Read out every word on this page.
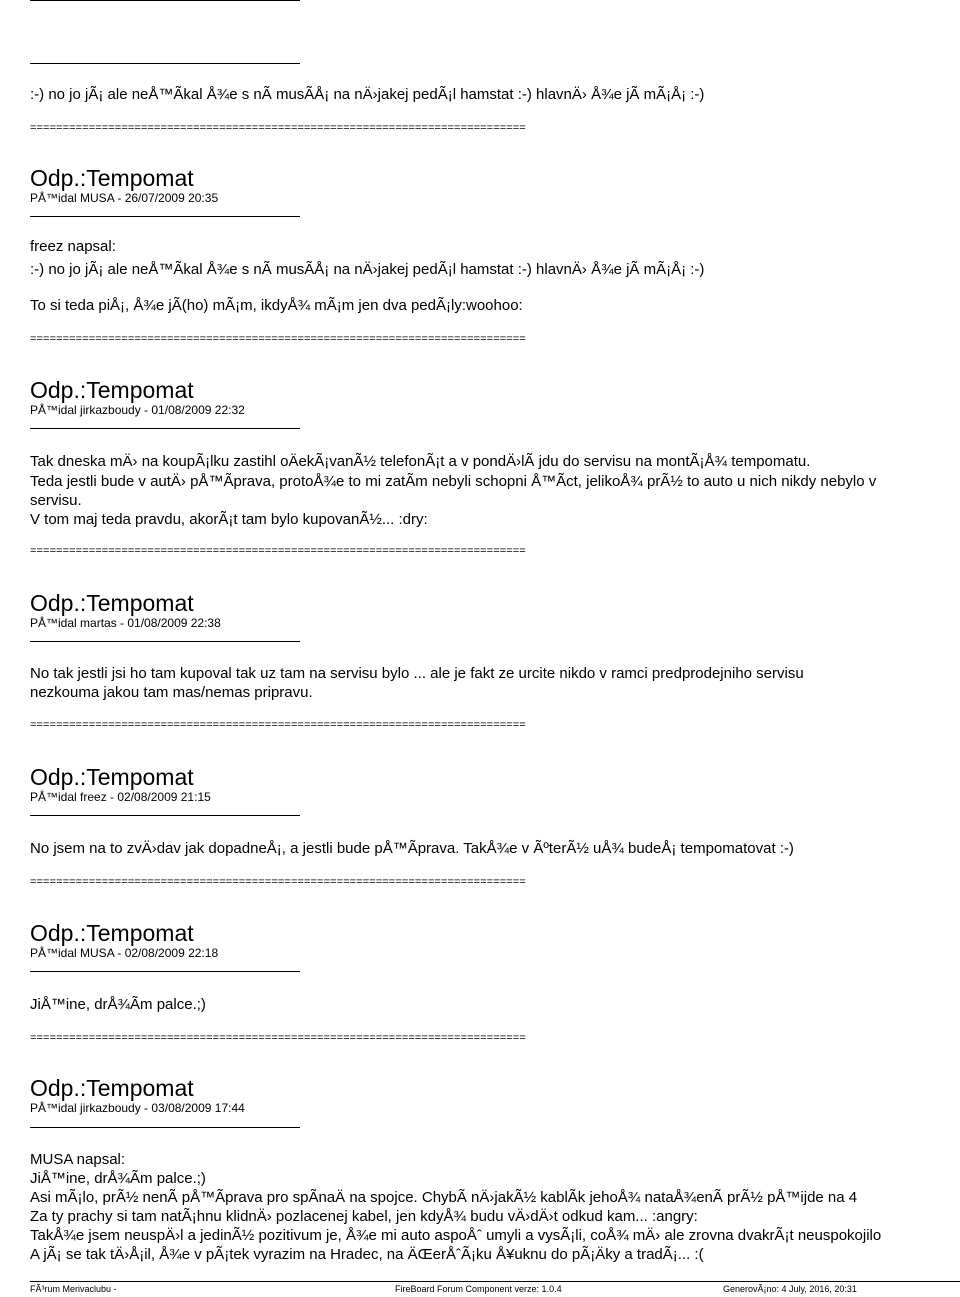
:-) no jo jÃ¡ ale neÅ™Ãkal Å¾e s nÃ musÃÅ¡ na nÄ›jakej pedÃ¡l hamstat :-) hlavnÄ› Å¾e jÃ mÃ¡Å¡ :-)
============================================================================
Odp.:Tempomat
PÅ™idal MUSA - 26/07/2009 20:35
freez napsal:
:-) no jo jÃ¡ ale neÅ™Ãkal Å¾e s nÃ musÃÅ¡ na nÄ›jakej pedÃ¡l hamstat :-) hlavnÄ› Å¾e jÃ mÃ¡Å¡ :-)
To si teda piÅ¡, Å¾e jÃ(ho) mÃ¡m, ikdyÅ¾ mÃ¡m jen dva pedÃ¡ly:woohoo:
============================================================================
Odp.:Tempomat
PÅ™idal jirkazboudy - 01/08/2009 22:32
Tak dneska mÄ› na koupÃ¡lku zastihl oÄekÃ¡vanÃ½ telefonÃ¡t a v pondÄ›lÃ jdu do servisu na montÃ¡Å¾ tempomatu.
Teda jestli bude v autÄ› pÅ™Ãprava, protoÅ¾e to mi zatÃm nebyli schopni Å™Ãct, jelikoÅ¾ prÃ½ to auto u nich nikdy nebylo v
servisu.
V tom maj teda pravdu, akorÃ¡t tam bylo kupovanÃ½... :dry:
============================================================================
Odp.:Tempomat
PÅ™idal martas - 01/08/2009 22:38
No tak jestli jsi ho tam kupoval tak uz tam na servisu bylo ... ale je fakt ze urcite nikdo v ramci predprodejniho servisu
nezkouma jakou tam mas/nemas pripravu.
============================================================================
Odp.:Tempomat
PÅ™idal freez - 02/08/2009 21:15
No jsem na to zvÄ›dav jak dopadneÅ¡, a jestli bude pÅ™Ãprava. TakÅ¾e v ÃºterÃ½ uÅ¾ budeÅ¡ tempomatovat :-)
============================================================================
Odp.:Tempomat
PÅ™idal MUSA - 02/08/2009 22:18
JiÅ™ine, drÅ¾Ãm palce.;)
============================================================================
Odp.:Tempomat
PÅ™idal jirkazboudy - 03/08/2009 17:44
MUSA napsal:
JiÅ™ine, drÅ¾Ãm palce.;)
Asi mÃ¡lo, prÃ½ nenÃ pÅ™Ãprava pro spÃnaÄ na spojce. ChybÃ nÄ›jakÃ½ kablÃk jehoÅ¾ nataÅ¾enÃ prÃ½ pÅ™ijde na 4
Za ty prachy si tam natÃ¡hnu klidnÄ› pozlacenej kabel, jen kdyÅ¾ budu vÄ›dÄ›t odkud kam... :angry:
TakÅ¾e jsem neuspÄ›l a jedinÃ½ pozitivum je, Å¾e mi auto aspoÅˆ umyli a vysÃ¡li, coÅ¾ mÄ› ale zrovna dvakrÃ¡t neuspokojilo
A jÃ¡ se tak tÄ›Å¡il, Å¾e v pÃ¡tek vyrazim na Hradec, na ÄŒerÅˆÃ¡ku Å¥uknu do pÃ¡Äky a tradÃ¡... :(
FÃ³rum Merivaclubu -	FireBoard Forum Component verze: 1.0.4	GenerovÃ¡no: 4 July, 2016, 20:31
